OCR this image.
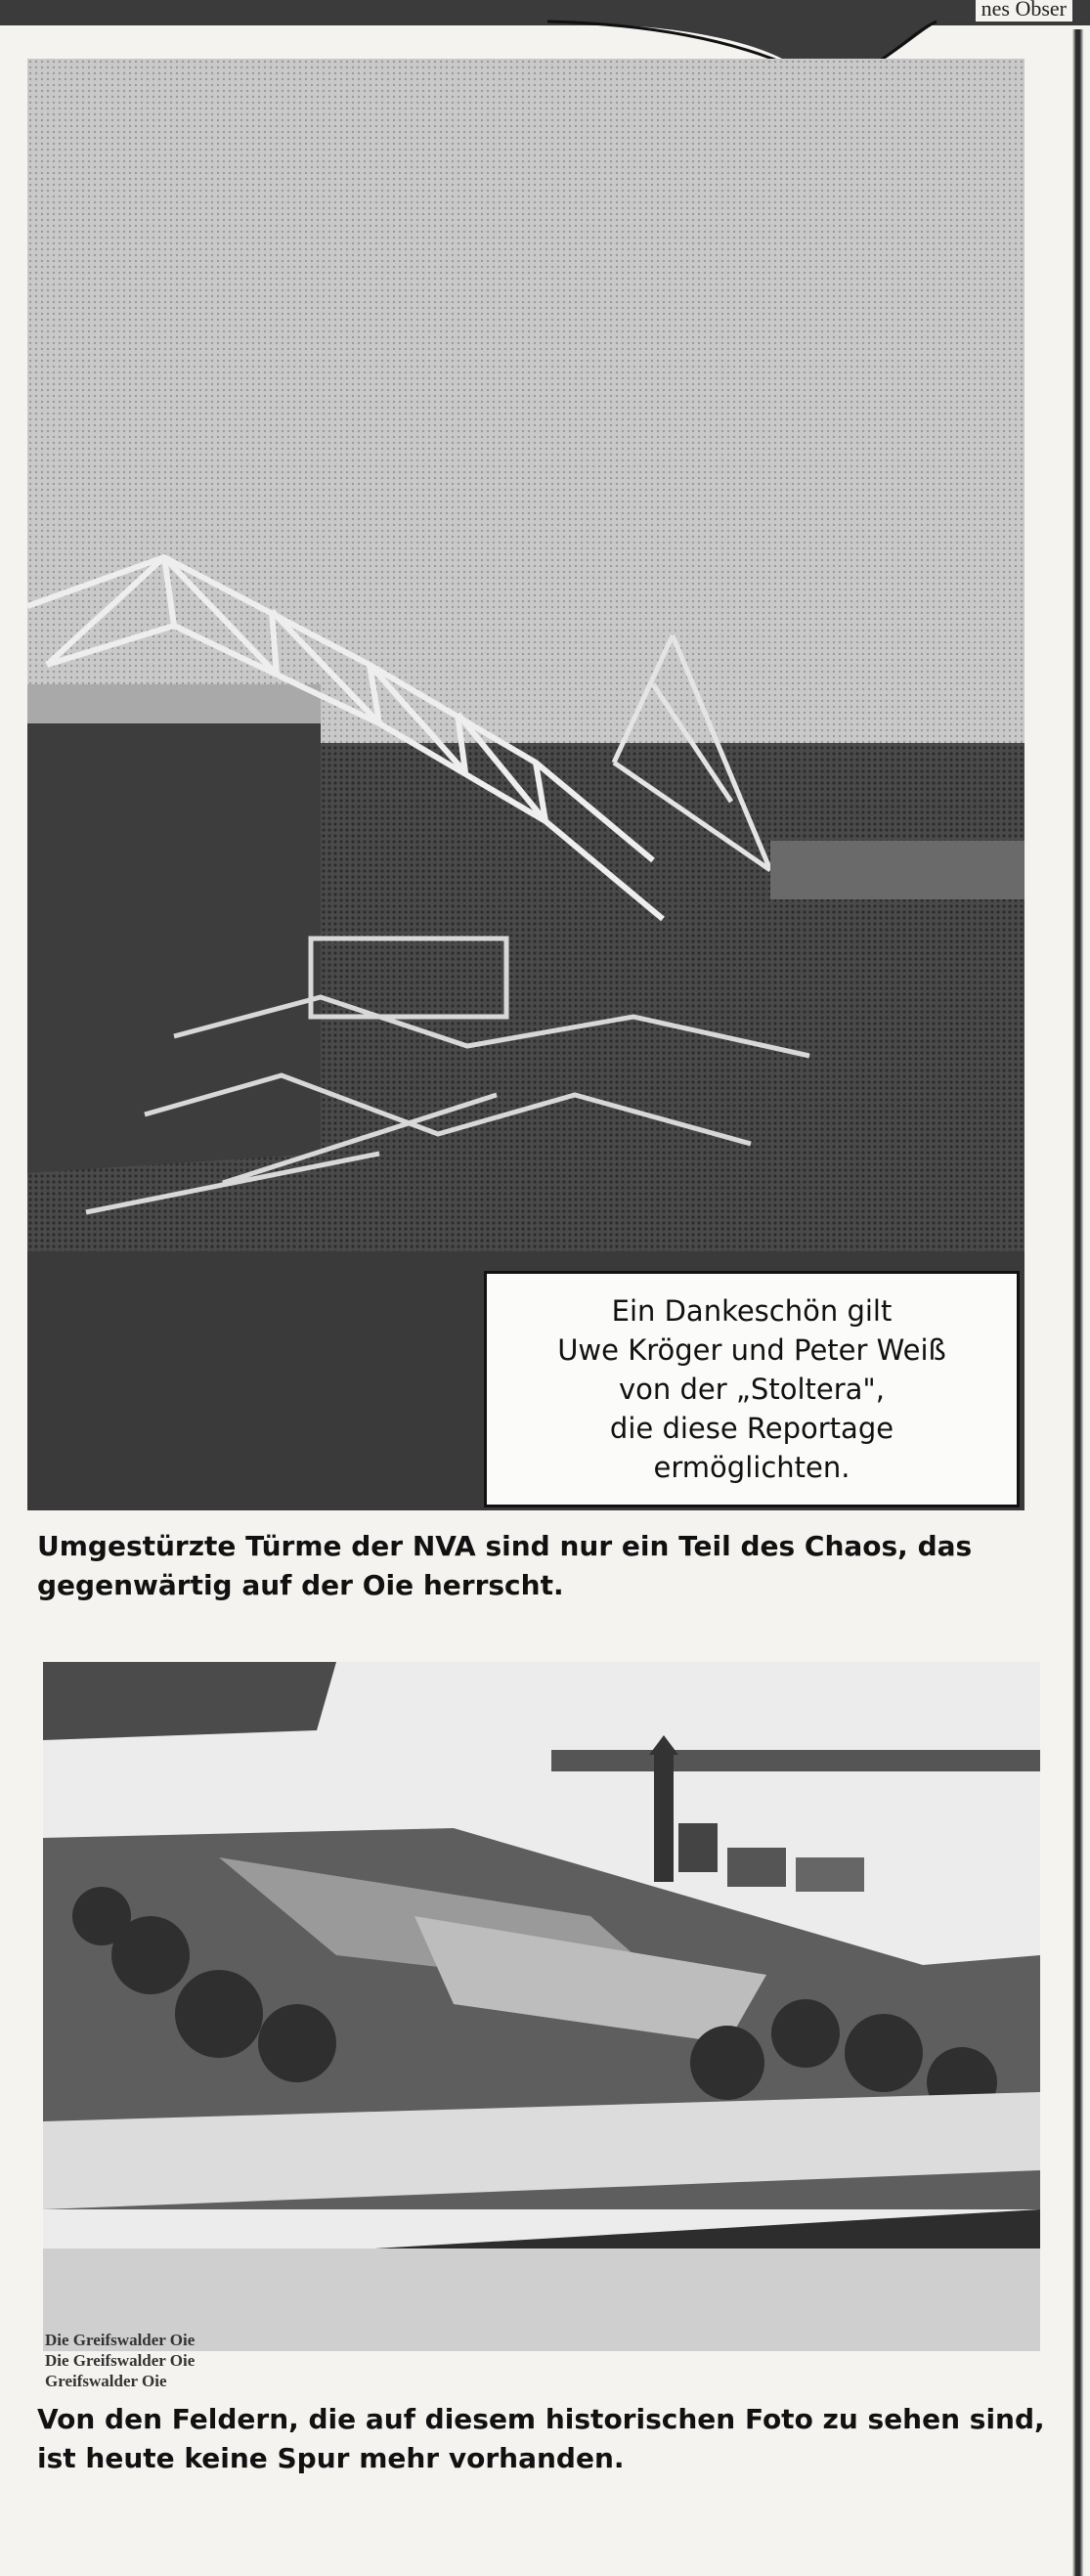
nes Obser
Ein Dankeschön gilt
Uwe Kröger und Peter Weiß
von der „Stoltera",
die diese Reportage
ermöglichten.
Umgestürzte Türme der NVA sind nur ein Teil des Chaos, das gegenwärtig auf der Oie herrscht.
Die Greifswalder Oie
Die Greifswalder Oie
Greifswalder Oie
Von den Feldern, die auf diesem historischen Foto zu sehen sind, ist heute keine Spur mehr vorhanden.
